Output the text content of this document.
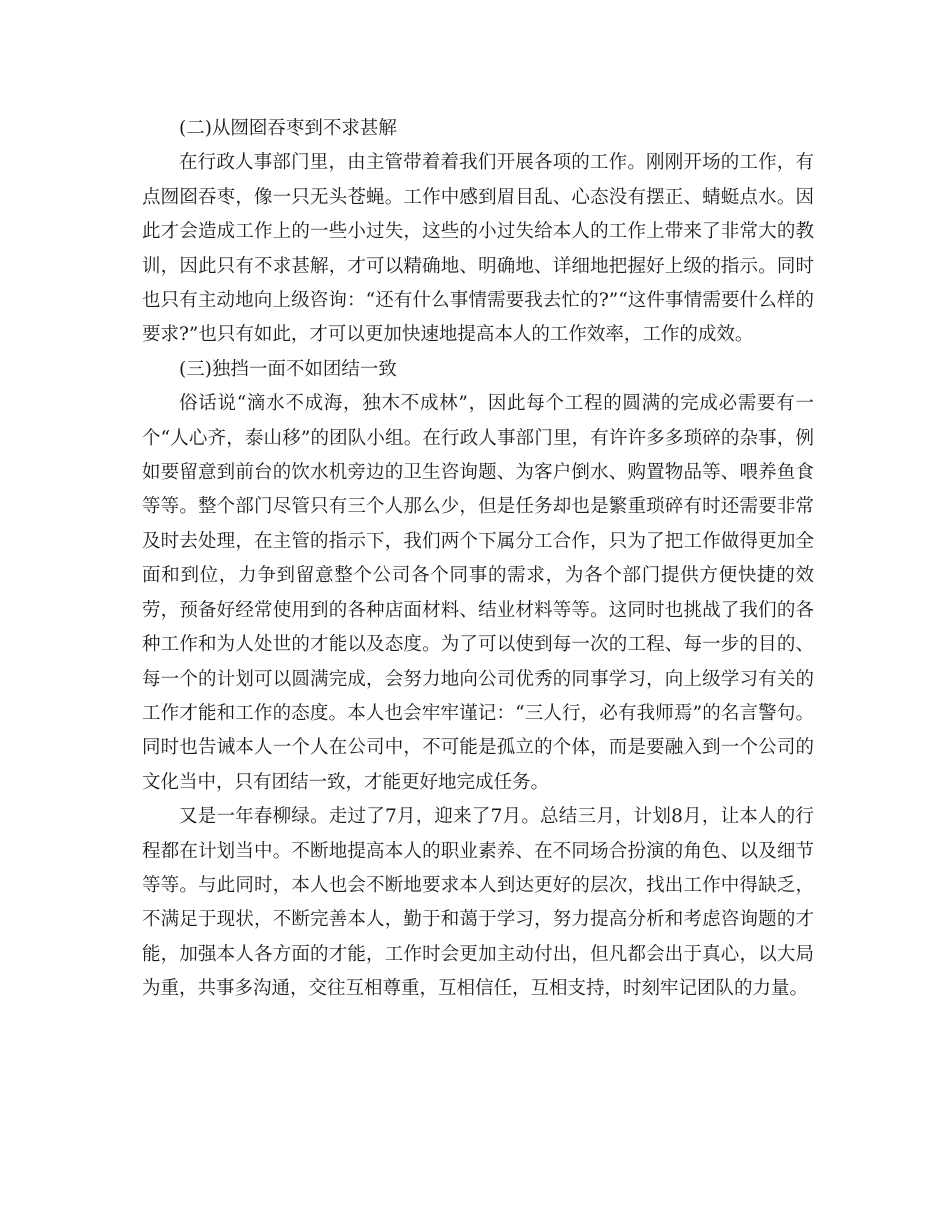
(二)从囫囵吞枣到不求甚解

在行政人事部门里，由主管带着着我们开展各项的工作。刚刚开场的工作，有点囫囵吞枣，像一只无头苍蝇。工作中感到眉目乱、心态没有摆正、蜻蜓点水。因此才会造成工作上的一些小过失，这些的小过失给本人的工作上带来了非常大的教训，因此只有不求甚解，才可以精确地、明确地、详细地把握好上级的指示。同时也只有主动地向上级咨询：“还有什么事情需要我去忙的?”“这件事情需要什么样的要求?”也只有如此，才可以更加快速地提高本人的工作效率，工作的成效。

(三)独挡一面不如团结一致

俗话说“滴水不成海，独木不成林”，因此每个工程的圆满的完成必需要有一个“人心齐，泰山移”的团队小组。在行政人事部门里，有许许多多琐碎的杂事，例如要留意到前台的饮水机旁边的卫生咨询题、为客户倒水、购置物品等、喂养鱼食等等。整个部门尽管只有三个人那么少，但是任务却也是繁重琐碎有时还需要非常及时去处理，在主管的指示下，我们两个下属分工合作，只为了把工作做得更加全面和到位，力争到留意整个公司各个同事的需求，为各个部门提供方便快捷的效劳，预备好经常使用到的各种店面材料、结业材料等等。这同时也挑战了我们的各种工作和为人处世的才能以及态度。为了可以使到每一次的工程、每一步的目的、每一个的计划可以圆满完成，会努力地向公司优秀的同事学习，向上级学习有关的工作才能和工作的态度。本人也会牢牢谨记：“三人行，必有我师焉”的名言警句。同时也告诫本人一个人在公司中，不可能是孤立的个体，而是要融入到一个公司的文化当中，只有团结一致，才能更好地完成任务。

又是一年春柳绿。走过了7月，迎来了7月。总结三月，计划8月，让本人的行程都在计划当中。不断地提高本人的职业素养、在不同场合扮演的角色、以及细节等等。与此同时，本人也会不断地要求本人到达更好的层次，找出工作中得缺乏，不满足于现状，不断完善本人，勤于和蔼于学习，努力提高分析和考虑咨询题的才能，加强本人各方面的才能，工作时会更加主动付出，但凡都会出于真心，以大局为重，共事多沟通，交往互相尊重，互相信任，互相支持，时刻牢记团队的力量。
